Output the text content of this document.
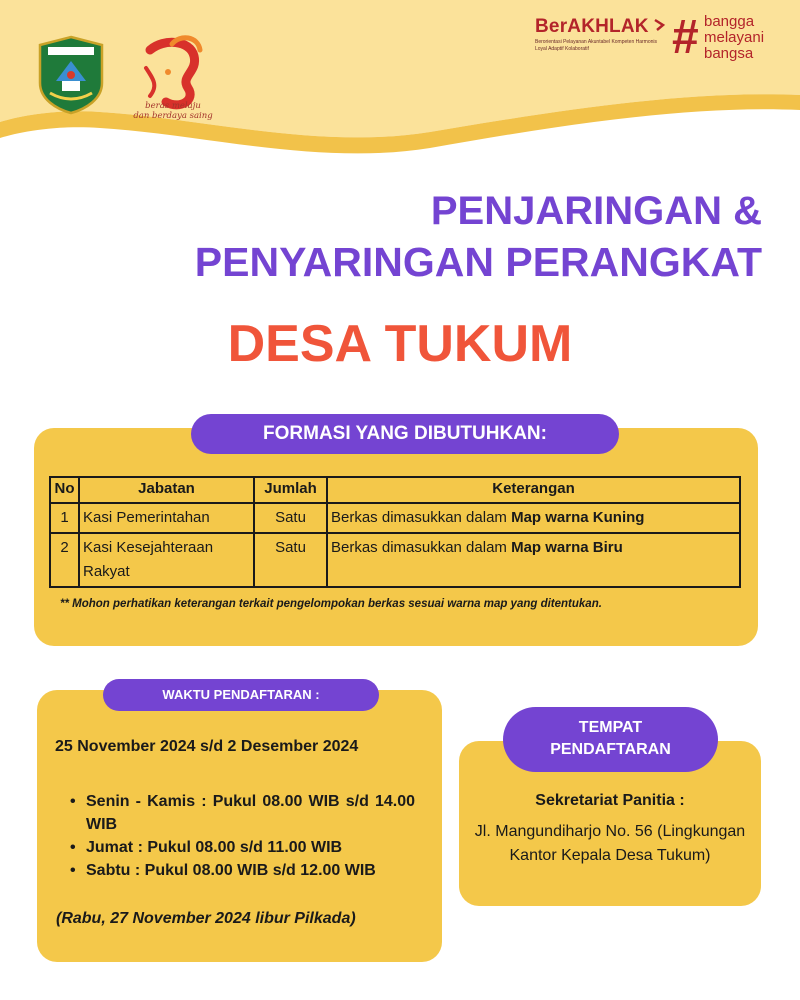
beras melaju
dan berdaya saing
BerAKHLAK
Berorientasi Pelayanan Akuntabel Kompeten Harmonis Loyal Adaptif Kolaboratif	# bangga
melayani
bangsa
PENJARINGAN &
PENYARINGAN PERANGKAT
DESA TUKUM
FORMASI YANG DIBUTUHKAN:
No	Jabatan	Jumlah	Keterangan
1	Kasi Pemerintahan	Satu	Berkas dimasukkan dalam Map warna Kuning
2	Kasi Kesejahteraan Rakyat	Satu	Berkas dimasukkan dalam Map warna Biru
** Mohon perhatikan keterangan terkait pengelompokan berkas sesuai warna map yang ditentukan.
WAKTU PENDAFTARAN :
25 November 2024 s/d 2 Desember 2024
• Senin - Kamis : Pukul 08.00 WIB s/d 14.00 WIB
• Jumat : Pukul 08.00 s/d 11.00 WIB
• Sabtu : Pukul 08.00 WIB s/d 12.00 WIB
(Rabu, 27 November 2024 libur Pilkada)
TEMPAT
PENDAFTARAN
Sekretariat Panitia :
Jl. Mangundiharjo No. 56 (Lingkungan Kantor Kepala Desa Tukum)
